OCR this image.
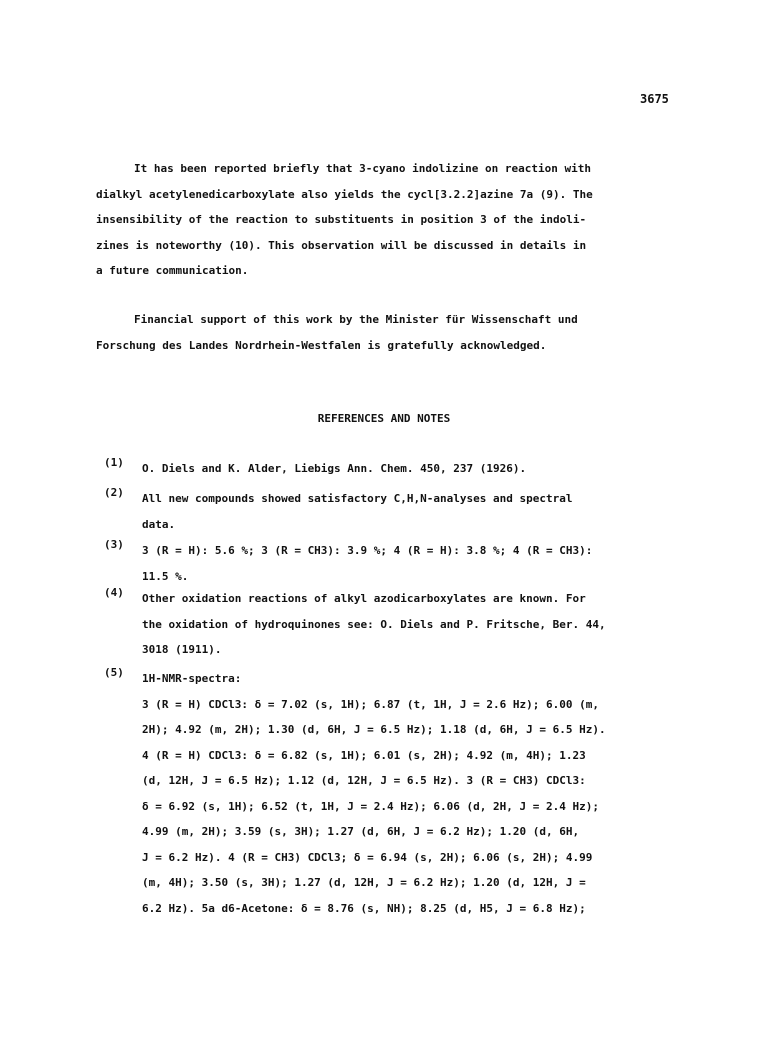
3675

It has been reported briefly that 3-cyano indolizine on reaction with
dialkyl acetylenedicarboxylate also yields the cycl[3.2.2]azine 7a (9). The
insensibility of the reaction to substituents in position 3 of the indoli-
zines is noteworthy (10). This observation will be discussed in details in
a future communication.

Financial support of this work by the Minister für Wissenschaft und
Forschung des Landes Nordrhein-Westfalen is gratefully acknowledged.

REFERENCES AND NOTES
(1) O. Diels and K. Alder, Liebigs Ann. Chem. 450, 237 (1926).
(2) All new compounds showed satisfactory C,H,N-analyses and spectral
data.
(3) 3 (R = H): 5.6 %; 3 (R = CH3): 3.9 %; 4 (R = H): 3.8 %; 4 (R = CH3):
11.5 %.
(4) Other oxidation reactions of alkyl azodicarboxylates are known. For
the oxidation of hydroquinones see: O. Diels and P. Fritsche, Ber. 44,
3018 (1911).
(5) 1H-NMR-spectra:
3 (R = H) CDCl3: δ = 7.02 (s, 1H); 6.87 (t, 1H, J = 2.6 Hz); 6.00 (m,
2H); 4.92 (m, 2H); 1.30 (d, 6H, J = 6.5 Hz); 1.18 (d, 6H, J = 6.5 Hz).
4 (R = H) CDCl3: δ = 6.82 (s, 1H); 6.01 (s, 2H); 4.92 (m, 4H); 1.23
(d, 12H, J = 6.5 Hz); 1.12 (d, 12H, J = 6.5 Hz). 3 (R = CH3) CDCl3:
δ = 6.92 (s, 1H); 6.52 (t, 1H, J = 2.4 Hz); 6.06 (d, 2H, J = 2.4 Hz);
4.99 (m, 2H); 3.59 (s, 3H); 1.27 (d, 6H, J = 6.2 Hz); 1.20 (d, 6H,
J = 6.2 Hz). 4 (R = CH3) CDCl3; δ = 6.94 (s, 2H); 6.06 (s, 2H); 4.99
(m, 4H); 3.50 (s, 3H); 1.27 (d, 12H, J = 6.2 Hz); 1.20 (d, 12H, J =
6.2 Hz). 5a d6-Acetone: δ = 8.76 (s, NH); 8.25 (d, H5, J = 6.8 Hz);
